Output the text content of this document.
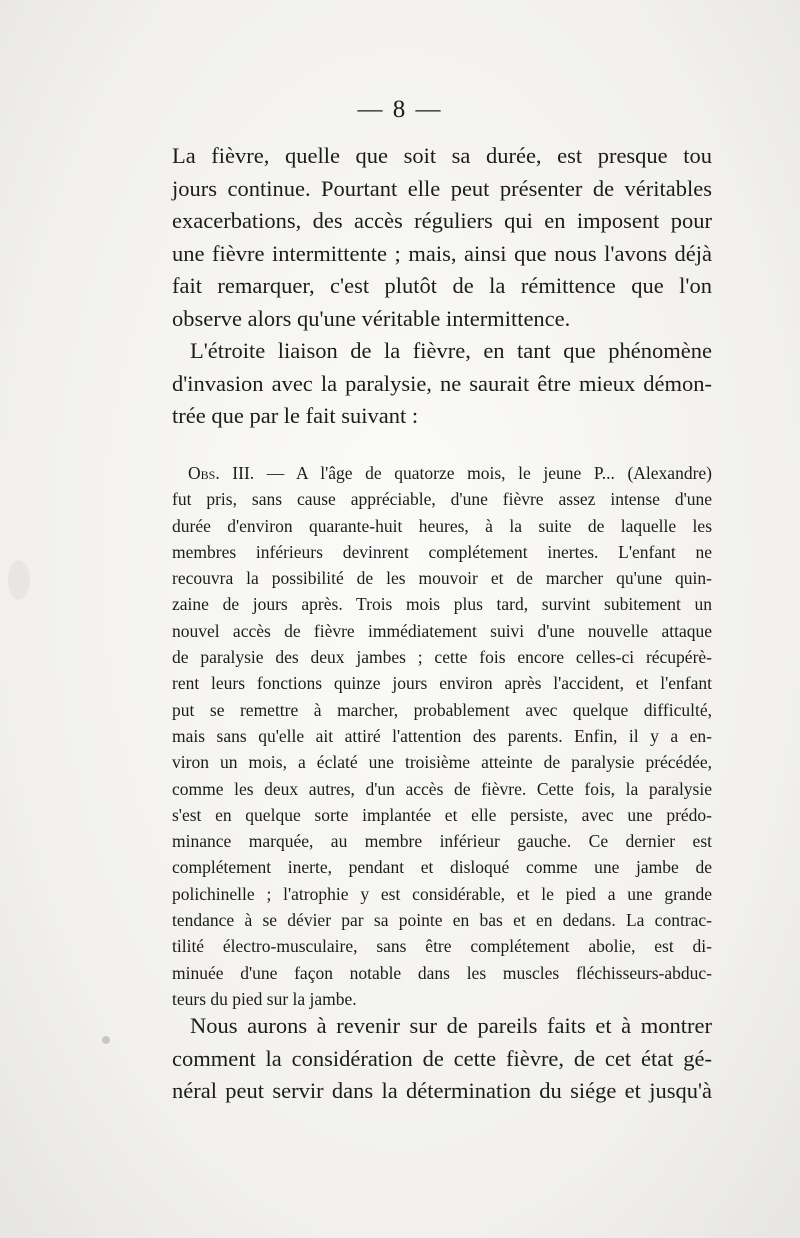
— 8 —

La fièvre, quelle que soit sa durée, est presque tou
jours continue. Pourtant elle peut présenter de véritables
exacerbations, des accès réguliers qui en imposent pour
une fièvre intermittente ; mais, ainsi que nous l'avons déjà
fait remarquer, c'est plutôt de la rémittence que l'on
observe alors qu'une véritable intermittence.

L'étroite liaison de la fièvre, en tant que phénomène
d'invasion avec la paralysie, ne saurait être mieux démon-
trée que par le fait suivant :

Obs. III. — A l'âge de quatorze mois, le jeune P... (Alexandre)
fut pris, sans cause appréciable, d'une fièvre assez intense d'une
durée d'environ quarante-huit heures, à la suite de laquelle les
membres inférieurs devinrent complétement inertes. L'enfant ne
recouvra la possibilité de les mouvoir et de marcher qu'une quin-
zaine de jours après. Trois mois plus tard, survint subitement un
nouvel accès de fièvre immédiatement suivi d'une nouvelle attaque
de paralysie des deux jambes ; cette fois encore celles-ci récupérè-
rent leurs fonctions quinze jours environ après l'accident, et l'enfant
put se remettre à marcher, probablement avec quelque difficulté,
mais sans qu'elle ait attiré l'attention des parents. Enfin, il y a en-
viron un mois, a éclaté une troisième atteinte de paralysie précédée,
comme les deux autres, d'un accès de fièvre. Cette fois, la paralysie
s'est en quelque sorte implantée et elle persiste, avec une prédo-
minance marquée, au membre inférieur gauche. Ce dernier est
complétement inerte, pendant et disloqué comme une jambe de
polichinelle ; l'atrophie y est considérable, et le pied a une grande
tendance à se dévier par sa pointe en bas et en dedans. La contrac-
tilité électro-musculaire, sans être complétement abolie, est di-
minuée d'une façon notable dans les muscles fléchisseurs-abduc-
teurs du pied sur la jambe.

Nous aurons à revenir sur de pareils faits et à montrer
comment la considération de cette fièvre, de cet état gé-
néral peut servir dans la détermination du siége et jusqu'à
